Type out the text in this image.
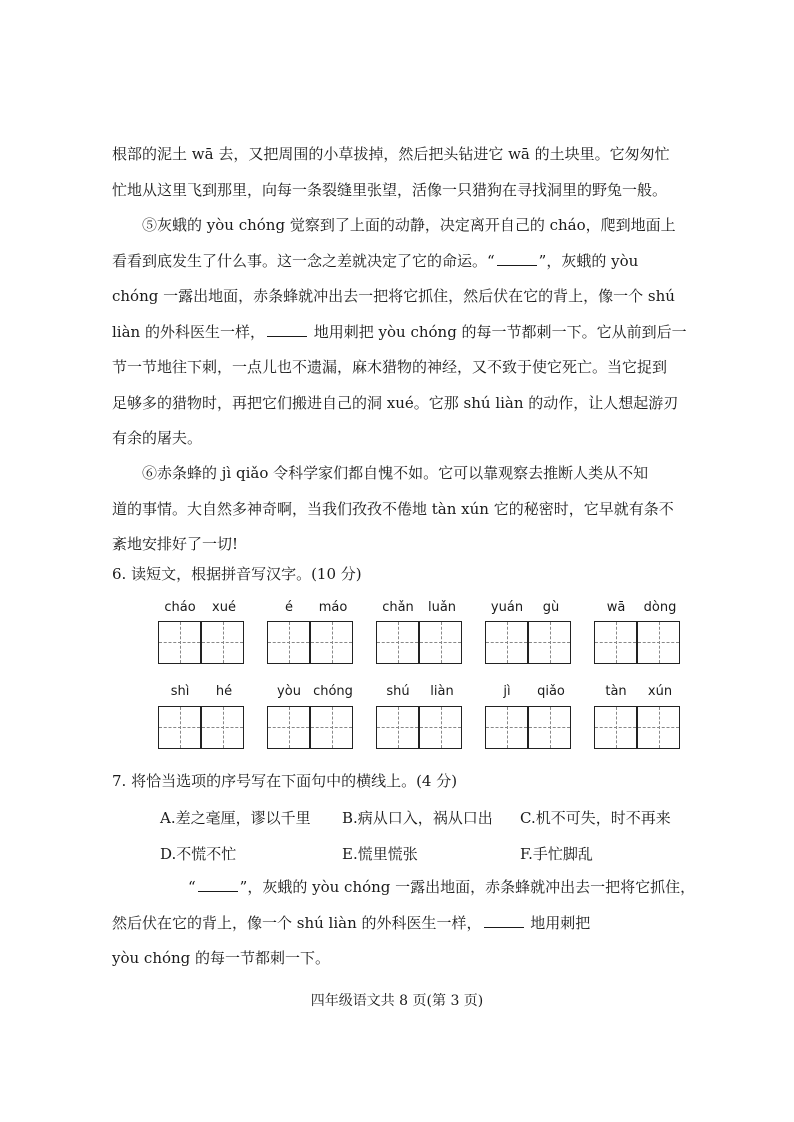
根部的泥土 wā 去，又把周围的小草拔掉，然后把头钻进它 wā 的土块里。它匆匆忙
忙地从这里飞到那里，向每一条裂缝里张望，活像一只猎狗在寻找洞里的野兔一般。
⑤灰蛾的 yòu chóng 觉察到了上面的动静，决定离开自己的 cháo，爬到地面上
看看到底发生了什么事。这一念之差就决定了它的命运。“	”，灰蛾的 yòu
chóng 一露出地面，赤条蜂就冲出去一把将它抓住，然后伏在它的背上，像一个 shú
liàn 的外科医生一样，	地用刺把 yòu chóng 的每一节都刺一下。它从前到后一
节一节地往下刺，一点儿也不遗漏，麻木猎物的神经，又不致于使它死亡。当它捉到
足够多的猎物时，再把它们搬进自己的洞 xué。它那 shú liàn 的动作，让人想起游刃
有余的屠夫。
⑥赤条蜂的 jì qiǎo 令科学家们都自愧不如。它可以靠观察去推断人类从不知
道的事情。大自然多神奇啊，当我们孜孜不倦地 tàn xún 它的秘密时，它早就有条不
紊地安排好了一切!
6. 读短文，根据拼音写汉字。(10 分)
cháo xué	é máo	chǎn luǎn	yuán gù	wā dòng
shì hé	yòu chóng	shú liàn	jì qiǎo	tàn xún
7. 将恰当选项的序号写在下面句中的横线上。(4 分)
A.差之毫厘，谬以千里 B.病从口入，祸从口出 C.机不可失，时不再来
D.不慌不忙	E.慌里慌张	F.手忙脚乱
“	”，灰蛾的 yòu chóng 一露出地面，赤条蜂就冲出去一把将它抓住，
然后伏在它的背上，像一个 shú liàn 的外科医生一样，	地用刺把
yòu chóng 的每一节都刺一下。
四年级语文共 8 页(第 3 页)
